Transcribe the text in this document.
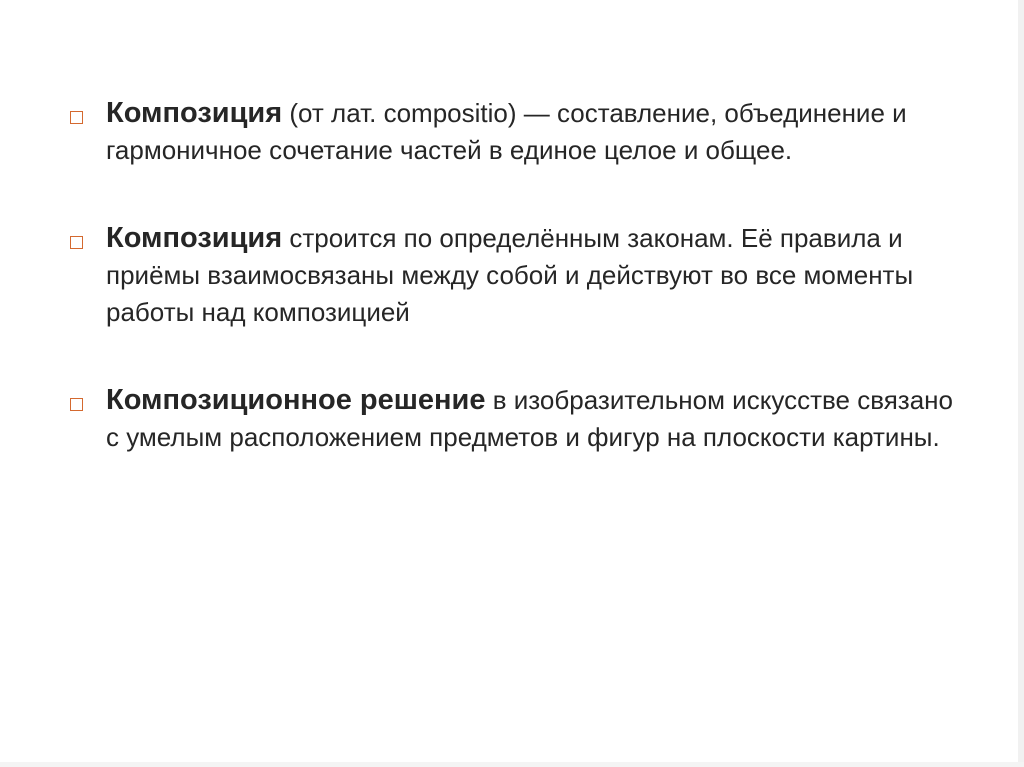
Композиция (от лат. compositio) — составление, объединение и гармоничное сочетание частей в единое целое и общее.
Композиция строится по определённым законам. Её правила и приёмы взаимосвязаны между собой и действуют во все моменты работы над композицией
Композиционное решение в изобразительном искусстве связано с умелым расположением предметов и фигур на плоскости картины.
